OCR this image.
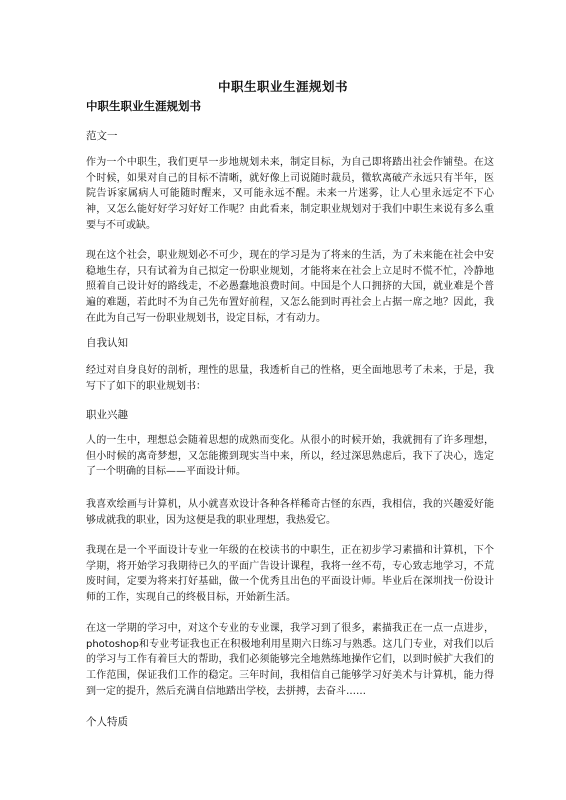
中职生职业生涯规划书
中职生职业生涯规划书
范文一

作为一个中职生，我们更早一步地规划未来，制定目标，为自己即将踏出社会作铺垫。在这个时候，如果对自己的目标不清晰，就好像上司说随时裁员，微软离破产永远只有半年，医院告诉家属病人可能随时醒来，又可能永远不醒。未来一片迷雾，让人心里永远定不下心神，又怎么能好好学习好好工作呢？由此看来，制定职业规划对于我们中职生来说有多么重要与不可或缺。

现在这个社会，职业规划必不可少，现在的学习是为了将来的生活，为了未来能在社会中安稳地生存，只有试着为自己拟定一份职业规划，才能将来在社会上立足时不慌不忙，冷静地照着自己设计好的路线走，不必愚蠢地浪费时间。中国是个人口拥挤的大国，就业难是个普遍的难题，若此时不为自己先布置好前程，又怎么能到时再社会上占据一席之地？因此，我在此为自己写一份职业规划书，设定目标，才有动力。

自我认知

经过对自身良好的剖析，理性的思量，我透析自己的性格，更全面地思考了未来，于是，我写下了如下的职业规划书：

职业兴趣

人的一生中，理想总会随着思想的成熟而变化。从很小的时候开始，我就拥有了许多理想，但小时候的离奇梦想，又怎能搬到现实当中来，所以，经过深思熟虑后，我下了决心，选定了一个明确的目标——平面设计师。

我喜欢绘画与计算机，从小就喜欢设计各种各样稀奇古怪的东西，我相信，我的兴趣爱好能够成就我的职业，因为这便是我的职业理想，我热爱它。

我现在是一个平面设计专业一年级的在校读书的中职生，正在初步学习素描和计算机，下个学期，将开始学习我期待已久的平面广告设计课程，我将一丝不苟，专心致志地学习，不荒废时间，定要为将来打好基础，做一个优秀且出色的平面设计师。毕业后在深圳找一份设计师的工作，实现自己的终极目标，开始新生活。

在这一学期的学习中，对这个专业的专业课，我学习到了很多，素描我正在一点一点进步，photoshop和专业考证我也正在积极地利用星期六日练习与熟悉。这几门专业，对我们以后的学习与工作有着巨大的帮助，我们必须能够完全地熟练地操作它们，以到时候扩大我们的工作范围，保证我们工作的稳定。三年时间，我相信自己能够学习好美术与计算机，能力得到一定的提升，然后充满自信地踏出学校，去拼搏，去奋斗……

个人特质
